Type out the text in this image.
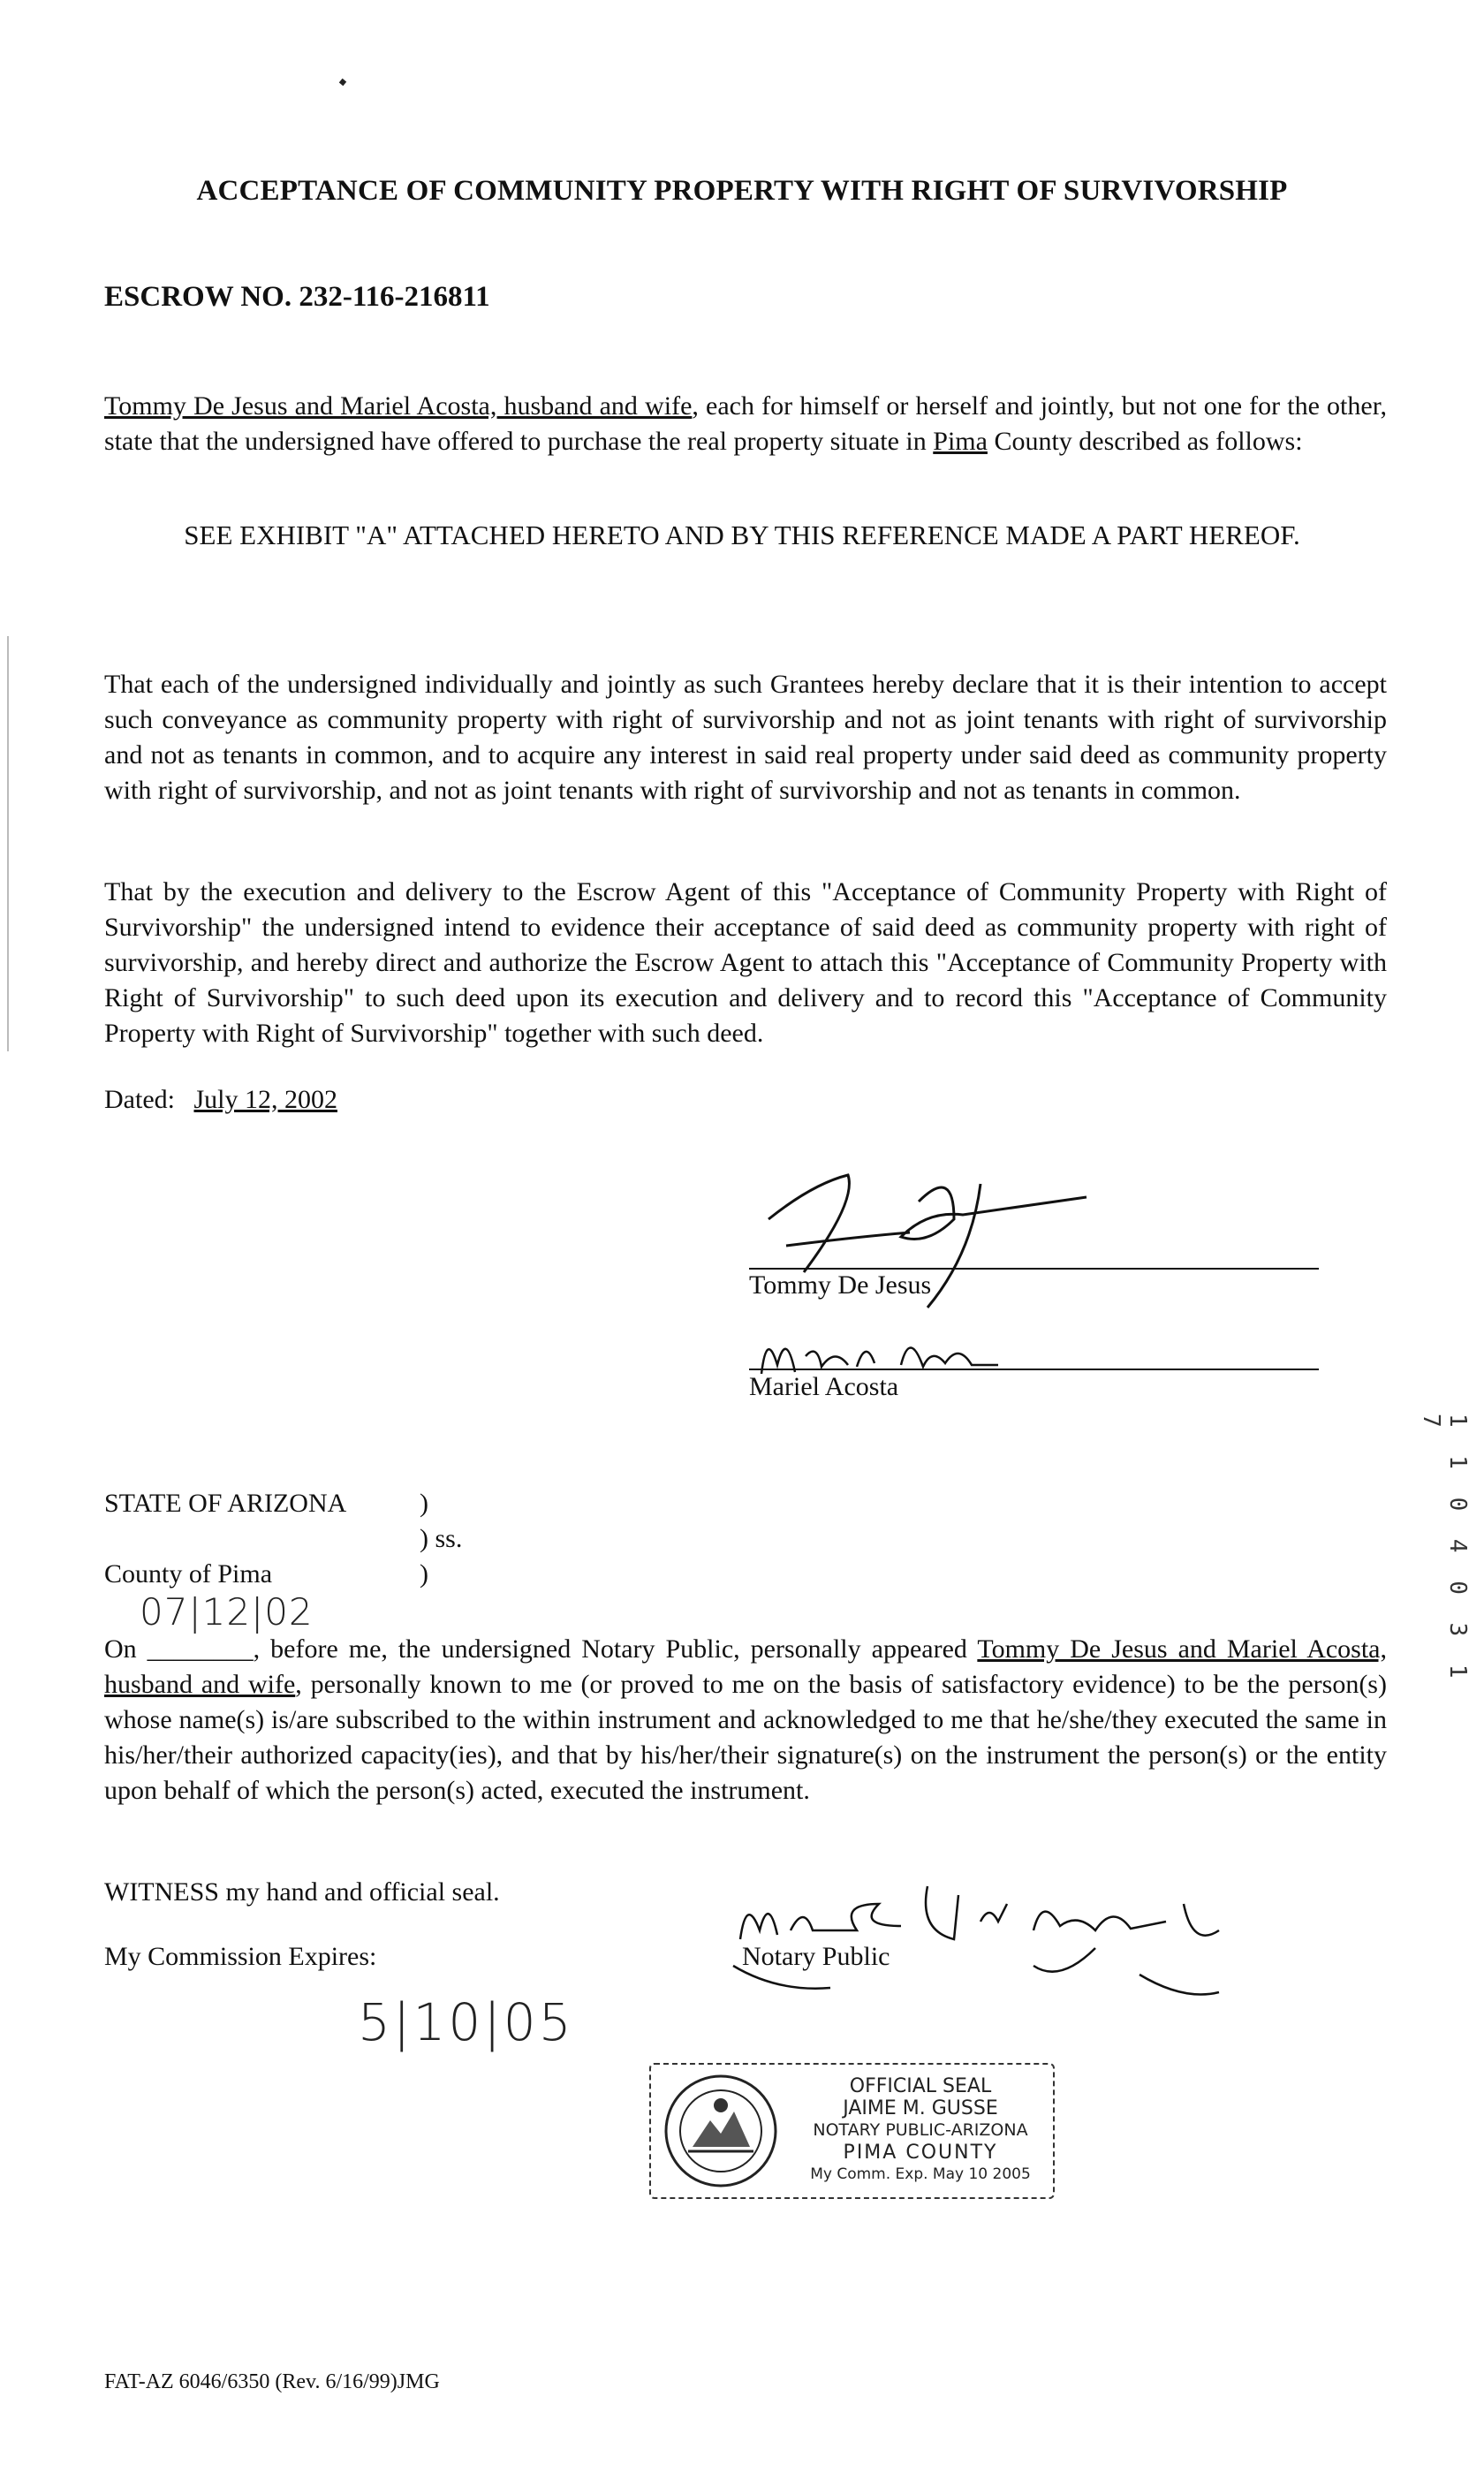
ACCEPTANCE OF COMMUNITY PROPERTY WITH RIGHT OF SURVIVORSHIP
ESCROW NO. 232-116-216811
Tommy De Jesus and Mariel Acosta, husband and wife, each for himself or herself and jointly, but not one for the other, state that the undersigned have offered to purchase the real property situate in Pima County described as follows:
SEE EXHIBIT "A" ATTACHED HERETO AND BY THIS REFERENCE MADE A PART HEREOF.
That each of the undersigned individually and jointly as such Grantees hereby declare that it is their intention to accept such conveyance as community property with right of survivorship and not as joint tenants with right of survivorship and not as tenants in common, and to acquire any interest in said real property under said deed as community property with right of survivorship, and not as joint tenants with right of survivorship and not as tenants in common.
That by the execution and delivery to the Escrow Agent of this "Acceptance of Community Property with Right of Survivorship" the undersigned intend to evidence their acceptance of said deed as community property with right of survivorship, and hereby direct and authorize the Escrow Agent to attach this "Acceptance of Community Property with Right of Survivorship" to such deed upon its execution and delivery and to record this "Acceptance of Community Property with Right of Survivorship" together with such deed.
Dated: July 12, 2002
Tommy De Jesus
Mariel Acosta
STATE OF ARIZONA	)
) ss.
County of Pima	)
07|12|02
On ________, before me, the undersigned Notary Public, personally appeared Tommy De Jesus and Mariel Acosta, husband and wife, personally known to me (or proved to me on the basis of satisfactory evidence) to be the person(s) whose name(s) is/are subscribed to the within instrument and acknowledged to me that he/she/they executed the same in his/her/their authorized capacity(ies), and that by his/her/their signature(s) on the instrument the person(s) or the entity upon behalf of which the person(s) acted, executed the instrument.
WITNESS my hand and official seal.
My Commission Expires:
5|10|05
Notary Public
OFFICIAL SEAL
JAIME M. GUSSE
NOTARY PUBLIC-ARIZONA
PIMA COUNTY
My Comm. Exp. May 10 2005
1 1 0 4 0 3 1 7
FAT-AZ 6046/6350 (Rev. 6/16/99)JMG
